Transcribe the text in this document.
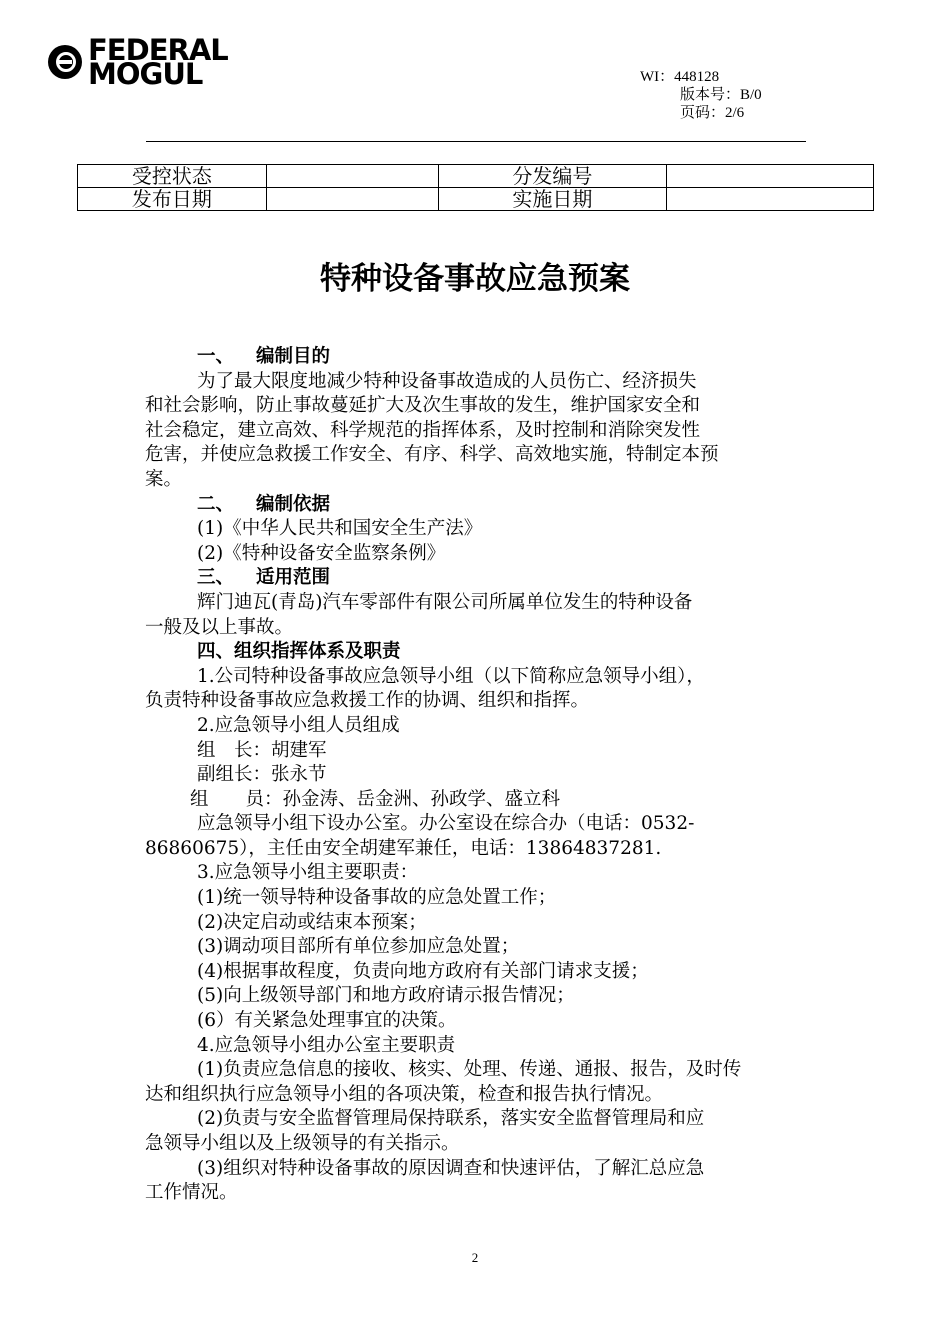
FEDERAL
MOGUL	WI：448128
版本号：B/0
页码：2/6
受控状态		分发编号	
发布日期		实施日期	
特种设备事故应急预案

一、 编制目的

为了最大限度地减少特种设备事故造成的人员伤亡、经济损失

和社会影响，防止事故蔓延扩大及次生事故的发生，维护国家安全和

社会稳定，建立高效、科学规范的指挥体系，及时控制和消除突发性

危害，并使应急救援工作安全、有序、科学、高效地实施，特制定本预

案。

二、 编制依据

(1)《中华人民共和国安全生产法》

(2)《特种设备安全监察条例》

三、 适用范围

辉门迪瓦(青岛)汽车零部件有限公司所属单位发生的特种设备

一般及以上事故。

四、组织指挥体系及职责

1.公司特种设备事故应急领导小组（以下简称应急领导小组），

负责特种设备事故应急救援工作的协调、组织和指挥。

2.应急领导小组人员组成

组　长：胡建军

副组长：张永节

组　　员：孙金涛、岳金洲、孙政学、盛立科

应急领导小组下设办公室。办公室设在综合办（电话：0532-

86860675），主任由安全胡建军兼任，电话：13864837281.

3.应急领导小组主要职责：

(1)统一领导特种设备事故的应急处置工作；

(2)决定启动或结束本预案；

(3)调动项目部所有单位参加应急处置；

(4)根据事故程度，负责向地方政府有关部门请求支援；

(5)向上级领导部门和地方政府请示报告情况；

(6）有关紧急处理事宜的决策。

4.应急领导小组办公室主要职责

(1)负责应急信息的接收、核实、处理、传递、通报、报告，及时传

达和组织执行应急领导小组的各项决策，检查和报告执行情况。

(2)负责与安全监督管理局保持联系，落实安全监督管理局和应

急领导小组以及上级领导的有关指示。

(3)组织对特种设备事故的原因调查和快速评估，了解汇总应急

工作情况。

2
